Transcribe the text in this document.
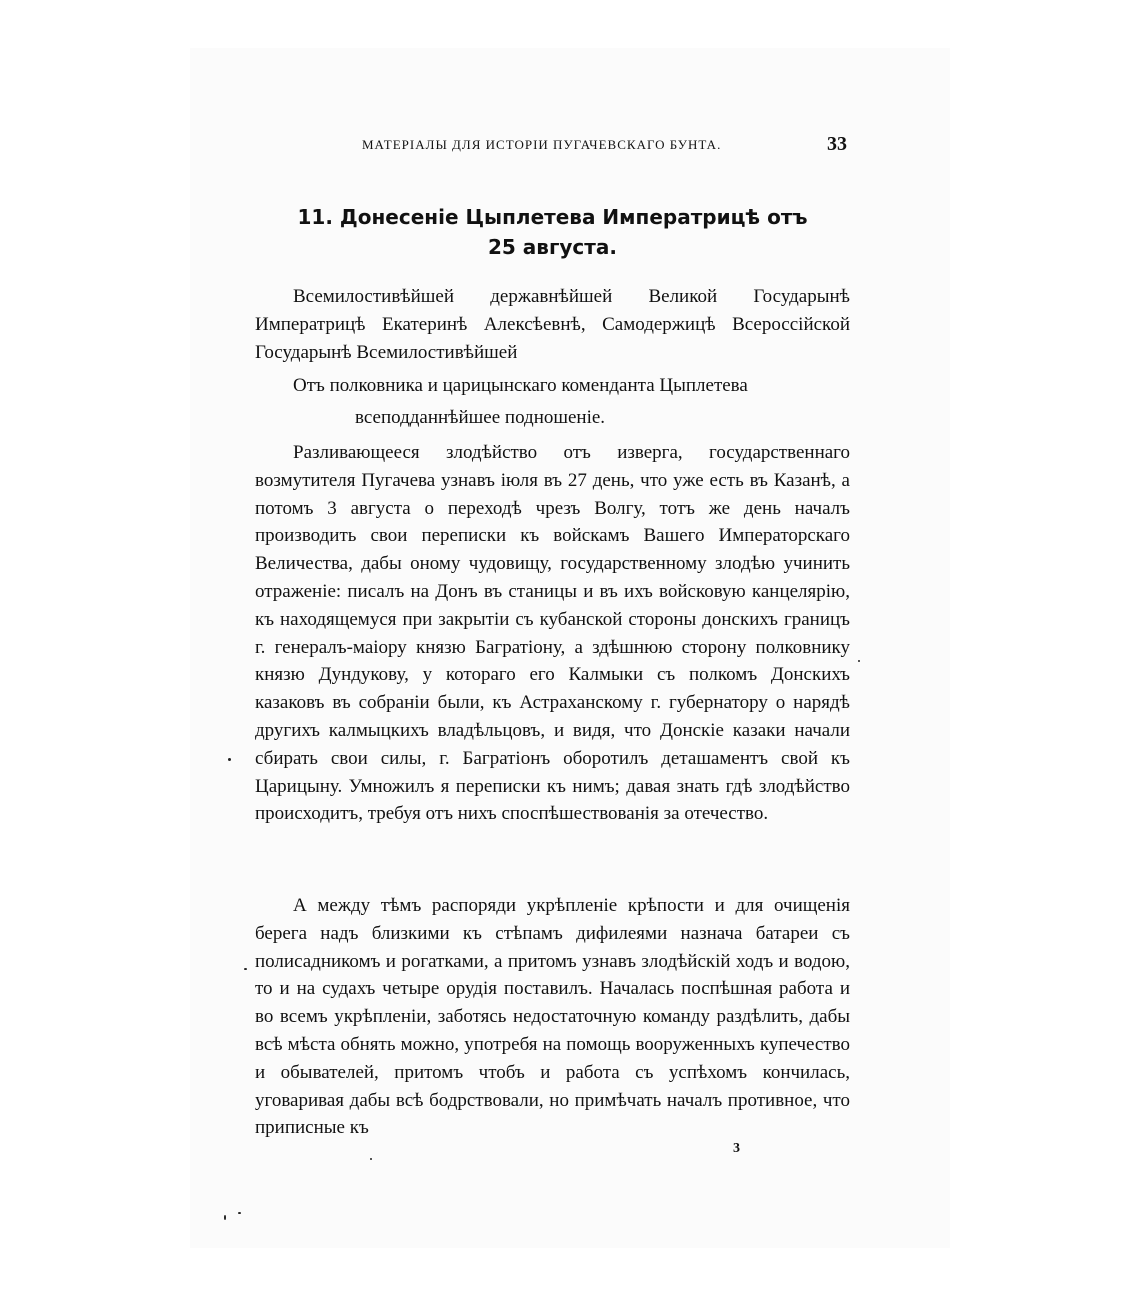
МАТЕРІАЛЫ ДЛЯ ИСТОРІИ ПУГАЧЕВСКАГО БУНТА.	33
11. Донесеніе Цыплетева Императрицѣ отъ
25 августа.
Всемилостивѣйшей державнѣйшей Великой Государынѣ Императрицѣ Екатеринѣ Алексѣевнѣ, Самодержицѣ Всероссійской Государынѣ Всемилостивѣйшей
Отъ полковника и царицынскаго коменданта Цыплетева
всеподданнѣйшее подношеніе.
Разливающееся злодѣйство отъ изверга, государственнаго возмутителя Пугачева узнавъ іюля въ 27 день, что уже есть въ Казанѣ, а потомъ 3 августа о переходѣ чрезъ Волгу, тотъ же день началъ производить свои переписки къ войскамъ Вашего Императорскаго Величества, дабы оному чудовищу, государственному злодѣю учинить отраженіе: писалъ на Донъ въ станицы и въ ихъ войсковую канцелярію, къ находящемуся при закрытіи съ кубанской стороны донскихъ границъ г. генералъ-маіору князю Багратіону, а здѣшнюю сторону полковнику князю Дундукову, у котораго его Калмыки съ полкомъ Донскихъ казаковъ въ собраніи были, къ Астраханскому г. губернатору о нарядѣ другихъ калмыцкихъ владѣльцовъ, и видя, что Донскіе казаки начали сбирать свои силы, г. Багратіонъ оборотилъ деташаментъ свой къ Царицыну. Умножилъ я переписки къ нимъ; давая знать гдѣ злодѣйство происходитъ, требуя отъ нихъ споспѣшествованія за отечество.
А между тѣмъ распоряди укрѣпленіе крѣпости и для очищенія берега надъ близкими къ стѣпамъ дифилеями назнача батареи съ полисадникомъ и рогатками, а притомъ узнавъ злодѣйскій ходъ и водою, то и на судахъ четыре орудія поставилъ. Началась поспѣшная работа и во всемъ укрѣпленіи, заботясь недостаточную команду раздѣлить, дабы всѣ мѣста обнять можно, употребя на помощь вооруженныхъ купечество и обывателей, притомъ чтобъ и работа съ успѣхомъ кончилась, уговаривая дабы всѣ бодрствовали, но примѣчать началъ противное, что приписные къ
3
